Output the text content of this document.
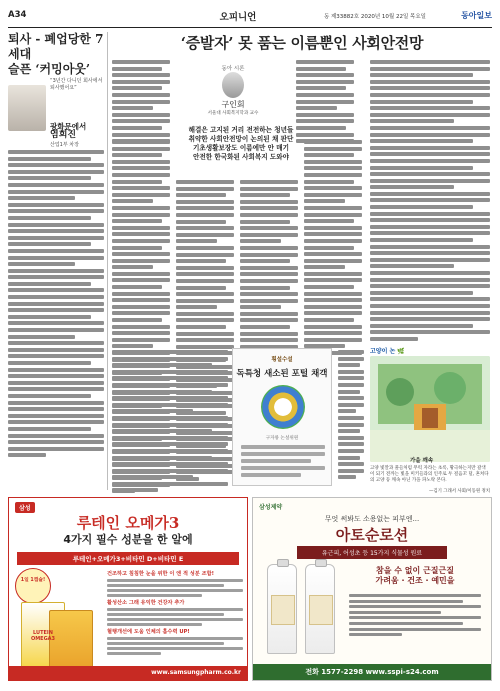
A34	오피니언	동 제33882호 2020년 10월 22일 목요일	동아일보
퇴사 - 폐업당한 7세대
슬픈 ‘커밍아웃’
“3년간 다니던 회사에서 퇴사했어요”
광화문에서
염희진
산업1부 차장
‘증발자’ 못 품는 이름뿐인 사회안전망
동아 시론
구인회
서울대 사회복지학과 교수
해결은 고지된 거리 전전하는 청년들
취약한 사회안전망이 논의된 채 판단
기초생활보장도 이름에만 안 매기
안전한 한국화된 사회복지 도와야
횡설수설
독특청 새소된 포털 채객
구자룡 논설위원
고양이 논 🌿
가을 깨속
고양 빛깔과 풀들처럼 무럭 자라는 초록, 황극하는지만 갈색이 되기 전까는 빛을 미키들과의 인주로 두 걸음꼬 덜, 흔쳐다 의 고양 등 깨속 아닌 가을 파노락 본다.
—김기 그래서 사회/이동원 정치
삼성
루테인 오메가3
4가지 필수 성분을 한 알에
루테인+오메가3+비타민 D+비타민 E
1일 1캡슐!
LUTEIN OMEGA3
건조하고 침침한 눈을 위한 이 엔 적 성분 조합!
활성산소 그래 유익한 건강자 추가
혈행개선에 도움 인체의 흡수력 UP!
www.samsungpharm.co.kr
삼성제약
무엇 써봐도 소용없는 피부엔...
아토순로션
유근피, 어성초 등 15가지 식물성 원료
참을 수 없이 근질근질
가려움 · 건조 · 예민을
전화 1577-2298 www.sspi-s24.com
